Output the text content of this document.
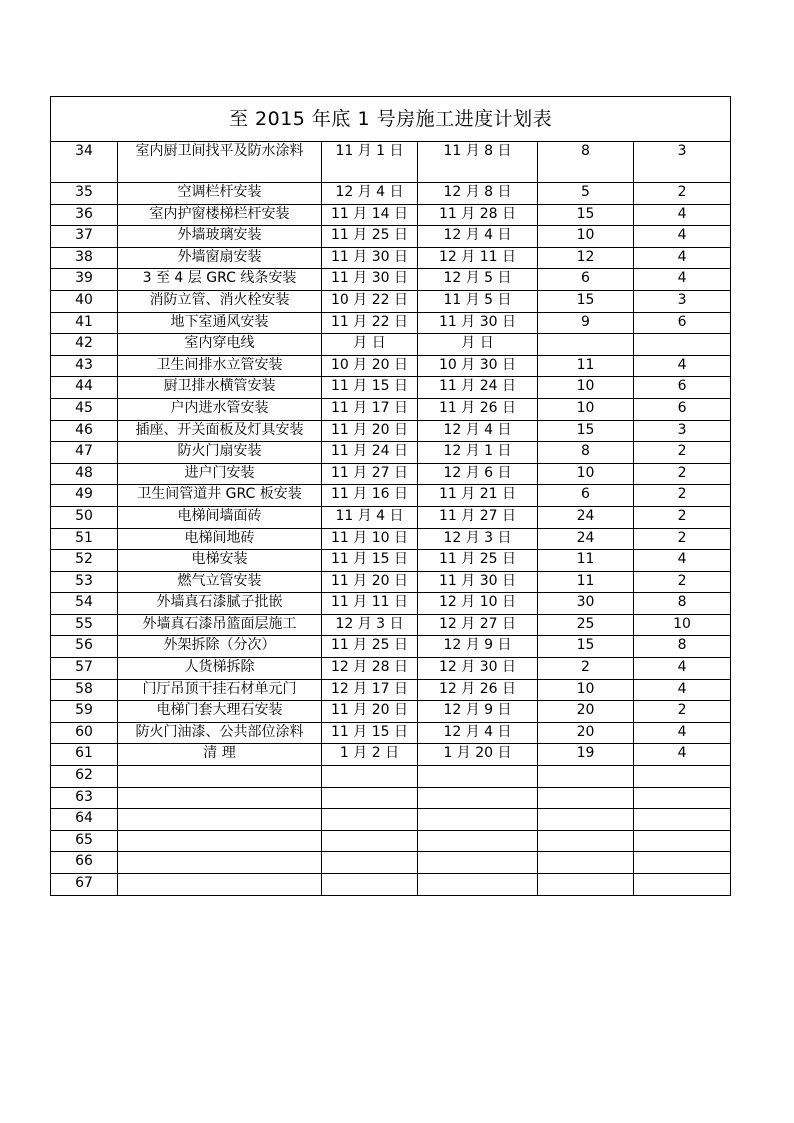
至 2015 年底 1 号房施工进度计划表					
34	室内厨卫间找平及防水涂料	11 月 1 日	11 月 8 日	8	3
35	空调栏杆安装	12 月 4 日	12 月 8 日	5	2
36	室内护窗楼梯栏杆安装	11 月 14 日	11 月 28 日	15	4
37	外墙玻璃安装	11 月 25 日	12 月 4 日	10	4
38	外墙窗扇安装	11 月 30 日	12 月 11 日	12	4
39	3 至 4 层 GRC 线条安装	11 月 30 日	12 月 5 日	6	4
40	消防立管、消火栓安装	10 月 22 日	11 月 5 日	15	3
41	地下室通风安装	11 月 22 日	11 月 30 日	9	6
42	室内穿电线	月 日	月 日		
43	卫生间排水立管安装	10 月 20 日	10 月 30 日	11	4
44	厨卫排水横管安装	11 月 15 日	11 月 24 日	10	6
45	户内进水管安装	11 月 17 日	11 月 26 日	10	6
46	插座、开关面板及灯具安装	11 月 20 日	12 月 4 日	15	3
47	防火门扇安装	11 月 24 日	12 月 1 日	8	2
48	进户门安装	11 月 27 日	12 月 6 日	10	2
49	卫生间管道井 GRC 板安装	11 月 16 日	11 月 21 日	6	2
50	电梯间墙面砖	11 月 4 日	11 月 27 日	24	2
51	电梯间地砖	11 月 10 日	12 月 3 日	24	2
52	电梯安装	11 月 15 日	11 月 25 日	11	4
53	燃气立管安装	11 月 20 日	11 月 30 日	11	2
54	外墙真石漆腻子批嵌	11 月 11 日	12 月 10 日	30	8
55	外墙真石漆吊篮面层施工	12 月 3 日	12 月 27 日	25	10
56	外架拆除（分次）	11 月 25 日	12 月 9 日	15	8
57	人货梯拆除	12 月 28 日	12 月 30 日	2	4
58	门厅吊顶干挂石材单元门	12 月 17 日	12 月 26 日	10	4
59	电梯门套大理石安装	11 月 20 日	12 月 9 日	20	2
60	防火门油漆、公共部位涂料	11 月 15 日	12 月 4 日	20	4
61	清 理	1 月 2 日	1 月 20 日	19	4
62					
63					
64					
65					
66					
67					
